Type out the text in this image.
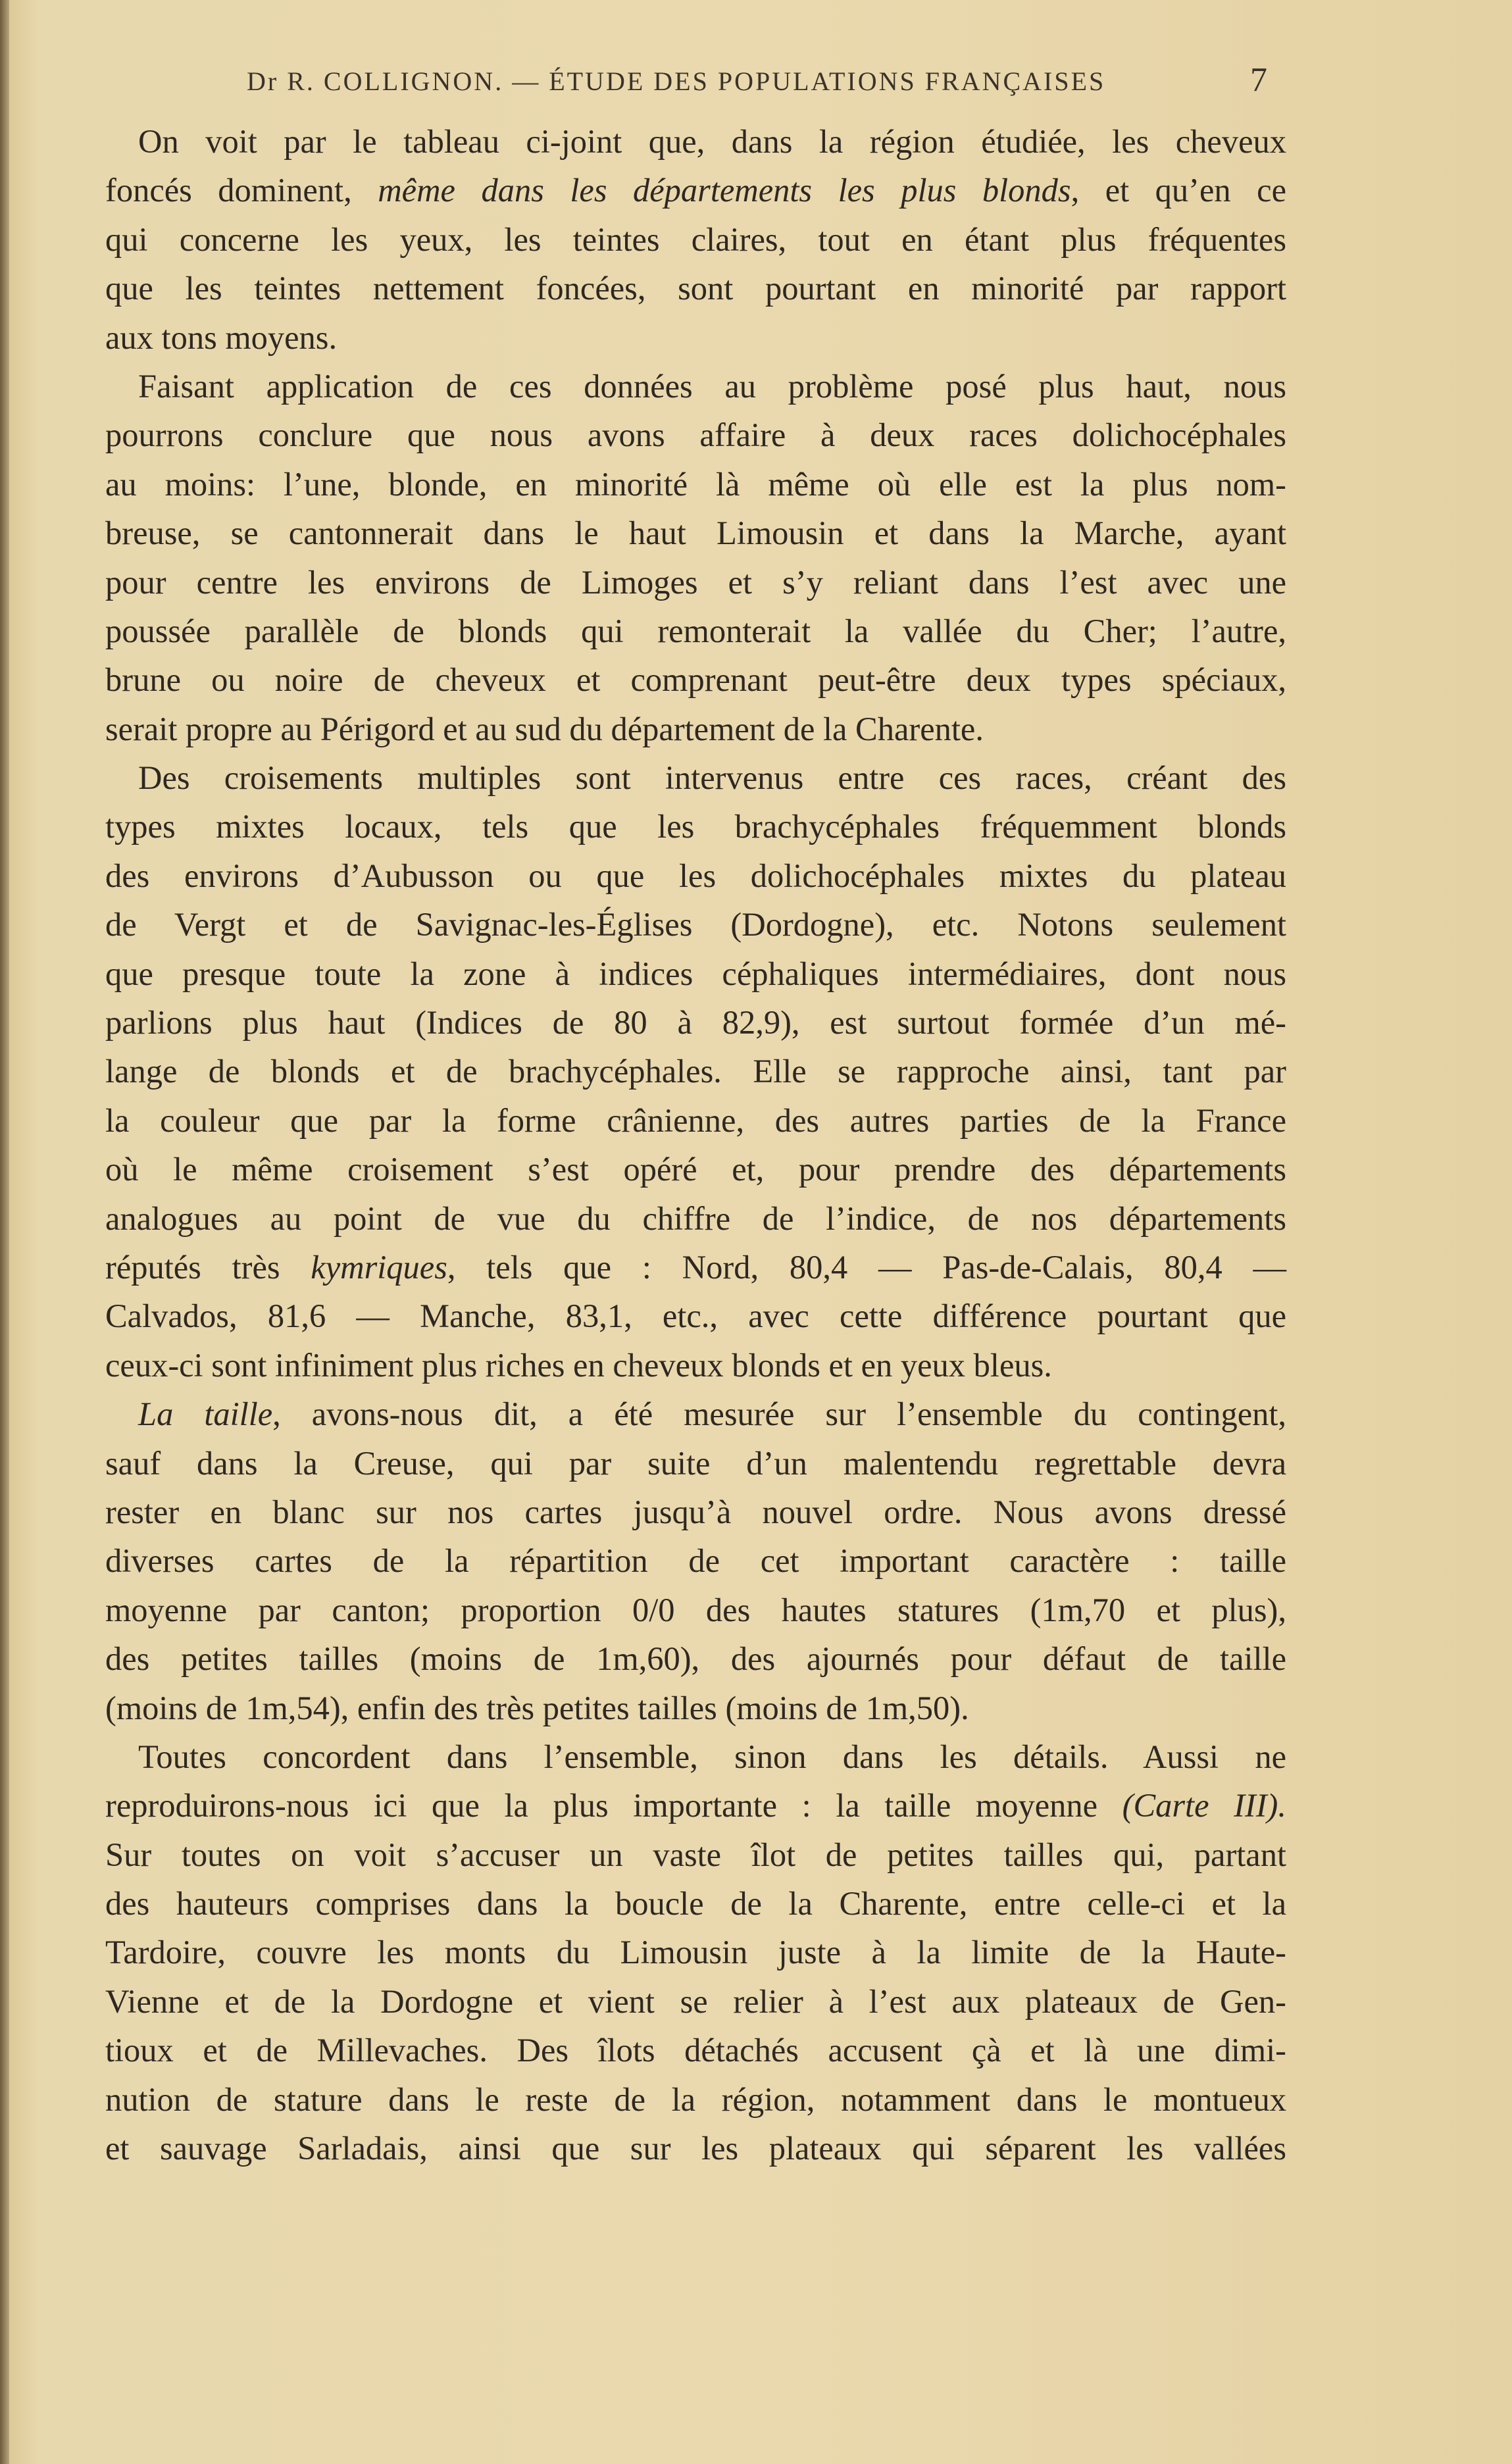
Dr R. COLLIGNON. — ÉTUDE DES POPULATIONS FRANÇAISES	7
On voit par le tableau ci-joint que, dans la région étudiée, les cheveux
foncés dominent, même dans les départements les plus blonds, et qu’en ce
qui concerne les yeux, les teintes claires, tout en étant plus fréquentes
que les teintes nettement foncées, sont pourtant en minorité par rapport
aux tons moyens.
Faisant application de ces données au problème posé plus haut, nous
pourrons conclure que nous avons affaire à deux races dolichocéphales
au moins: l’une, blonde, en minorité là même où elle est la plus nom-
breuse, se cantonnerait dans le haut Limousin et dans la Marche, ayant
pour centre les environs de Limoges et s’y reliant dans l’est avec une
poussée parallèle de blonds qui remonterait la vallée du Cher; l’autre,
brune ou noire de cheveux et comprenant peut-être deux types spéciaux,
serait propre au Périgord et au sud du département de la Charente.
Des croisements multiples sont intervenus entre ces races, créant des
types mixtes locaux, tels que les brachycéphales fréquemment blonds
des environs d’Aubusson ou que les dolichocéphales mixtes du plateau
de Vergt et de Savignac-les-Églises (Dordogne), etc. Notons seulement
que presque toute la zone à indices céphaliques intermédiaires, dont nous
parlions plus haut (Indices de 80 à 82,9), est surtout formée d’un mé-
lange de blonds et de brachycéphales. Elle se rapproche ainsi, tant par
la couleur que par la forme crânienne, des autres parties de la France
où le même croisement s’est opéré et, pour prendre des départements
analogues au point de vue du chiffre de l’indice, de nos départements
réputés très kymriques, tels que : Nord, 80,4 — Pas-de-Calais, 80,4 —
Calvados, 81,6 — Manche, 83,1, etc., avec cette différence pourtant que
ceux-ci sont infiniment plus riches en cheveux blonds et en yeux bleus.
La taille, avons-nous dit, a été mesurée sur l’ensemble du contingent,
sauf dans la Creuse, qui par suite d’un malentendu regrettable devra
rester en blanc sur nos cartes jusqu’à nouvel ordre. Nous avons dressé
diverses cartes de la répartition de cet important caractère : taille
moyenne par canton; proportion 0/0 des hautes statures (1m,70 et plus),
des petites tailles (moins de 1m,60), des ajournés pour défaut de taille
(moins de 1m,54), enfin des très petites tailles (moins de 1m,50).
Toutes concordent dans l’ensemble, sinon dans les détails. Aussi ne
reproduirons-nous ici que la plus importante : la taille moyenne (Carte III).
Sur toutes on voit s’accuser un vaste îlot de petites tailles qui, partant
des hauteurs comprises dans la boucle de la Charente, entre celle-ci et la
Tardoire, couvre les monts du Limousin juste à la limite de la Haute-
Vienne et de la Dordogne et vient se relier à l’est aux plateaux de Gen-
tioux et de Millevaches. Des îlots détachés accusent çà et là une dimi-
nution de stature dans le reste de la région, notamment dans le montueux
et sauvage Sarladais, ainsi que sur les plateaux qui séparent les vallées
